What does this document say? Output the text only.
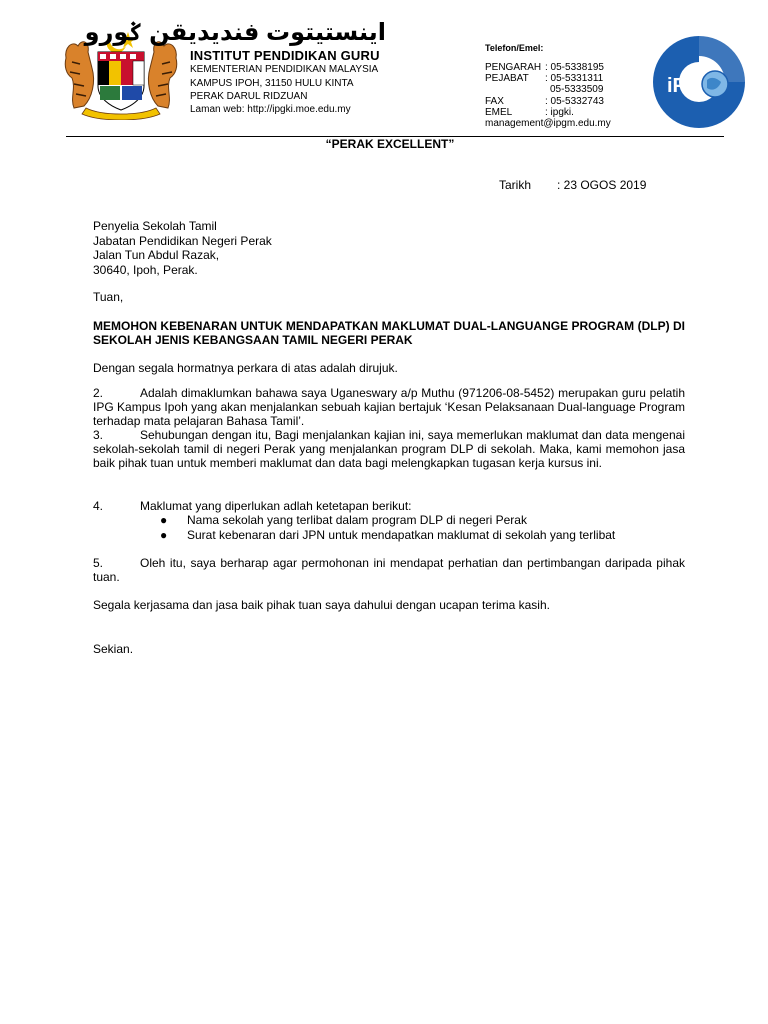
اينستيتوت فنديديقن ݢورو
INSTITUT PENDIDIKAN GURU
KEMENTERIAN PENDIDIKAN MALAYSIA
KAMPUS IPOH, 31150 HULU KINTA
PERAK DARUL RIDZUAN
Laman web: http://ipgki.moe.edu.my
Telefon/Emel:
PENGARAH : 05-5338195
PEJABAT : 05-5331311
05-5333509
FAX	: 05-5332743
EMEL	: ipgki.
management@ipgm.edu.my
iPG
“PERAK EXCELLENT”
Tarikh : 23 OGOS 2019
Penyelia Sekolah Tamil
Jabatan Pendidikan Negeri Perak
Jalan Tun Abdul Razak,
30640, Ipoh, Perak.
Tuan,
MEMOHON KEBENARAN UNTUK MENDAPATKAN MAKLUMAT DUAL-LANGUANGE PROGRAM (DLP) DI SEKOLAH JENIS KEBANGSAAN TAMIL NEGERI PERAK
Dengan segala hormatnya perkara di atas adalah dirujuk.
2.	Adalah dimaklumkan bahawa saya Uganeswary a/p Muthu (971206-08-5452) merupakan guru pelatih IPG Kampus Ipoh yang akan menjalankan sebuah kajian bertajuk ‘Kesan Pelaksanaan Dual-language Program terhadap mata pelajaran Bahasa Tamil’.
3.	Sehubungan dengan itu, Bagi menjalankan kajian ini, saya memerlukan maklumat dan data mengenai sekolah-sekolah tamil di negeri Perak yang menjalankan program DLP di sekolah. Maka, kami memohon jasa baik pihak tuan untuk memberi maklumat dan data bagi melengkapkan tugasan kerja kursus ini.
4.	Maklumat yang diperlukan adlah ketetapan berikut:
● Nama sekolah yang terlibat dalam program DLP di negeri Perak
● Surat kebenaran dari JPN untuk mendapatkan maklumat di sekolah yang terlibat
5.	Oleh itu, saya berharap agar permohonan ini mendapat perhatian dan pertimbangan daripada pihak tuan.
Segala kerjasama dan jasa baik pihak tuan saya dahului dengan ucapan terima kasih.
Sekian.
